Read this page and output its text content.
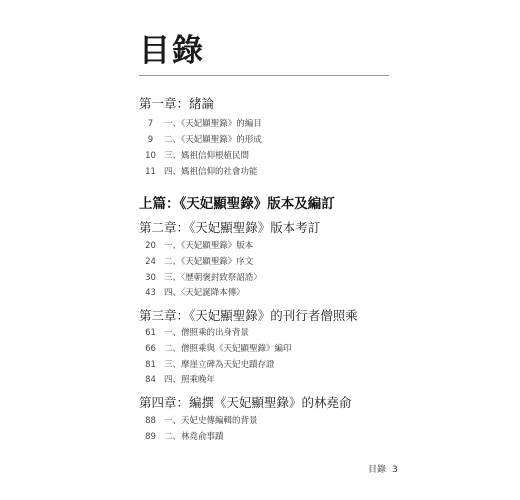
目錄
第一章：緒論
7 一、《天妃顯聖錄》的編目
9 二、《天妃顯聖錄》的形成
10 三、媽祖信仰根植民間
11 四、媽祖信仰的社會功能
上篇：《天妃顯聖錄》版本及編訂
第二章：《天妃顯聖錄》版本考訂
20 一、《天妃顯聖錄》版本
24 二、《天妃顯聖錄》序文
30 三、〈歷朝褒封致祭詔誥〉
43 四、〈天妃誕降本傳〉
第三章：《天妃顯聖錄》的刊行者僧照乘
61 一、僧照乘的出身背景
66 二、僧照乘與《天妃顯聖錄》編印
81 三、摩崖立碑為天妃史蹟存證
84 四、照乘晚年
第四章：編撰《天妃顯聖錄》的林堯俞
88 一、天妃史傳編輯的背景
89 二、林堯俞事蹟
目錄 3
